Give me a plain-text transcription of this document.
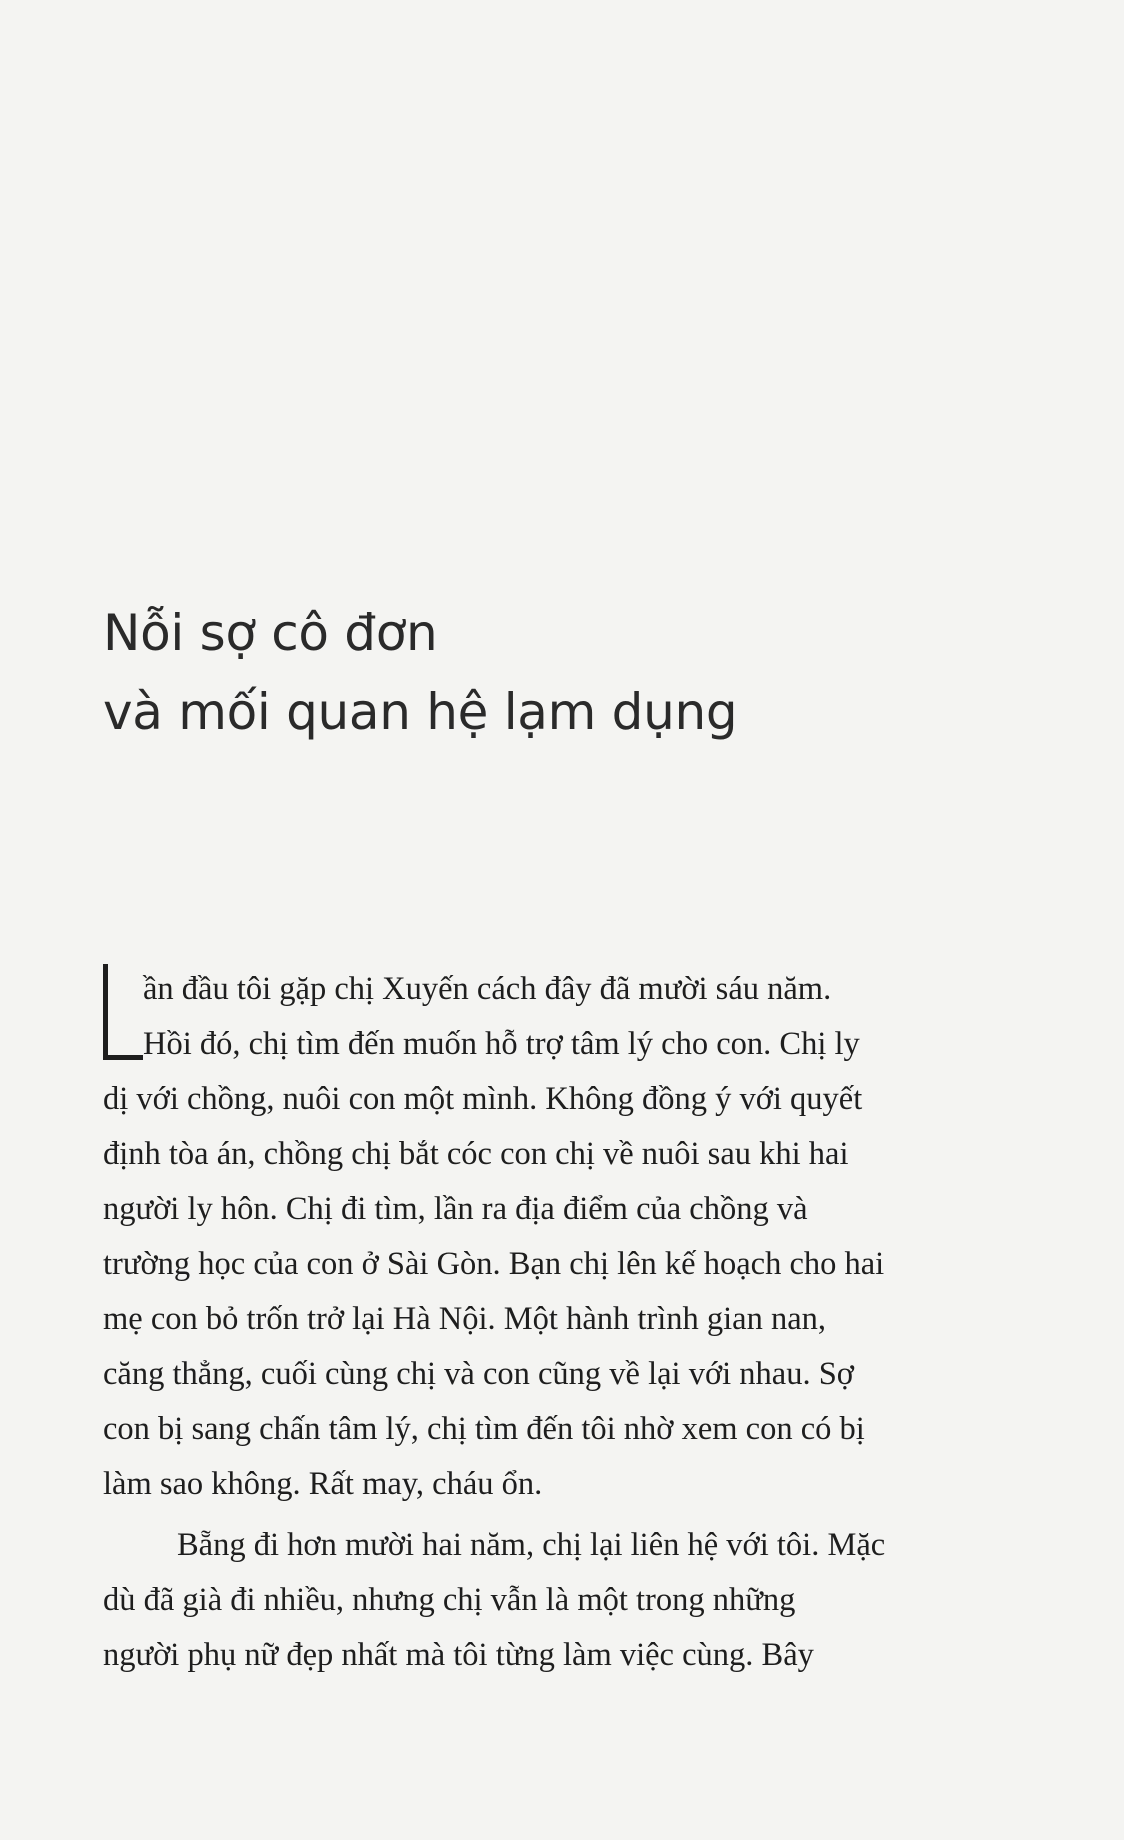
Nỗi sợ cô đơn
và mối quan hệ lạm dụng
ần đầu tôi gặp chị Xuyến cách đây đã mười sáu năm.
Hồi đó, chị tìm đến muốn hỗ trợ tâm lý cho con. Chị ly
dị với chồng, nuôi con một mình. Không đồng ý với quyết
định tòa án, chồng chị bắt cóc con chị về nuôi sau khi hai
người ly hôn. Chị đi tìm, lần ra địa điểm của chồng và
trường học của con ở Sài Gòn. Bạn chị lên kế hoạch cho hai
mẹ con bỏ trốn trở lại Hà Nội. Một hành trình gian nan,
căng thẳng, cuối cùng chị và con cũng về lại với nhau. Sợ
con bị sang chấn tâm lý, chị tìm đến tôi nhờ xem con có bị
làm sao không. Rất may, cháu ổn.
Bẵng đi hơn mười hai năm, chị lại liên hệ với tôi. Mặc
dù đã già đi nhiều, nhưng chị vẫn là một trong những
người phụ nữ đẹp nhất mà tôi từng làm việc cùng. Bây
